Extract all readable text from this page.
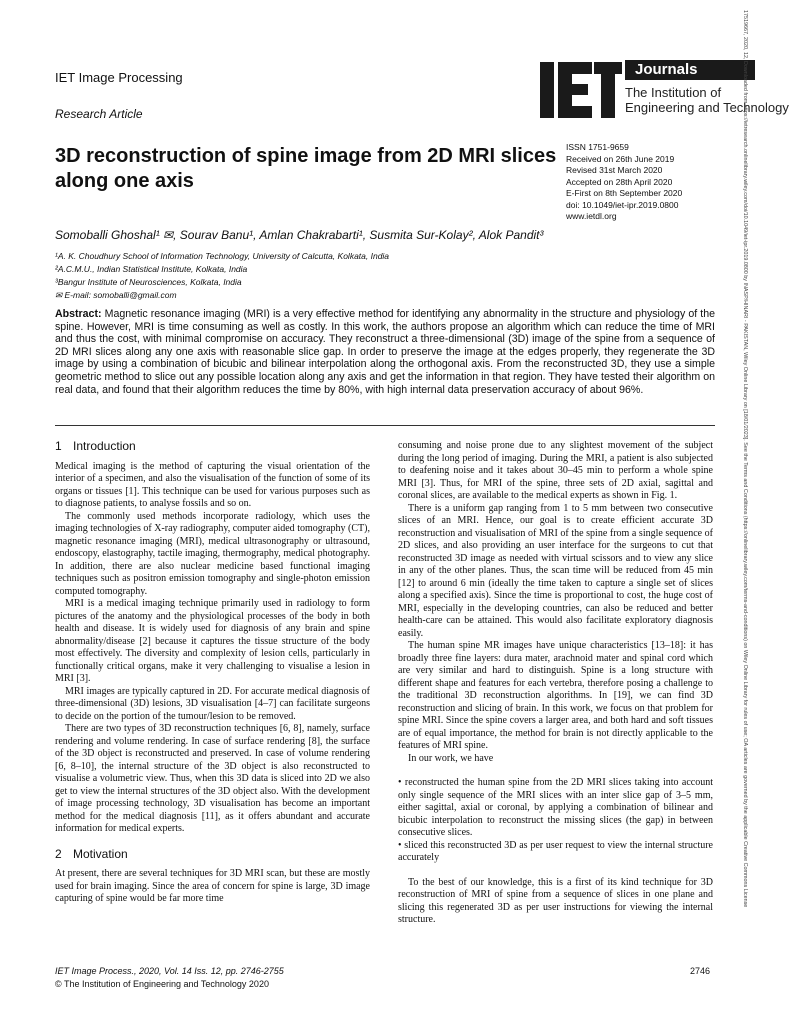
IET Image Processing
Research Article
Journals
The Institution of
Engineering and Technology
3D reconstruction of spine image from 2D MRI slices along one axis
ISSN 1751-9659
Received on 26th June 2019
Revised 31st March 2020
Accepted on 28th April 2020
E-First on 8th September 2020
doi: 10.1049/iet-ipr.2019.0800
www.ietdl.org
Somoballi Ghoshal¹ ✉, Sourav Banu¹, Amlan Chakrabarti¹, Susmita Sur-Kolay², Alok Pandit³
¹A. K. Choudhury School of Information Technology, University of Calcutta, Kolkata, India
²A.C.M.U., Indian Statistical Institute, Kolkata, India
³Bangur Institute of Neurosciences, Kolkata, India
✉ E-mail: somoballi@gmail.com
Abstract: Magnetic resonance imaging (MRI) is a very effective method for identifying any abnormality in the structure and physiology of the spine. However, MRI is time consuming as well as costly. In this work, the authors propose an algorithm which can reduce the time of MRI and thus the cost, with minimal compromise on accuracy. They reconstruct a three-dimensional (3D) image of the spine from a sequence of 2D MRI slices along any one axis with reasonable slice gap. In order to preserve the image at the edges properly, they regenerate the 3D image by using a combination of bicubic and bilinear interpolation along the orthogonal axis. From the reconstructed 3D, they use a simple geometric method to slice out any possible location along any axis and get the information in that region. They have tested their algorithm on real data, and found that their algorithm reduces the time by 80%, with high internal data preservation accuracy of about 96%.
1 Introduction

Medical imaging is the method of capturing the visual orientation of the interior of a specimen, and also the visualisation of the function of some of its organs or tissues [1]. This technique can be used for various purposes such as to diagnose patients, to analyse fossils and so on.

The commonly used methods incorporate radiology, which uses the imaging technologies of X-ray radiography, computer aided tomography (CT), magnetic resonance imaging (MRI), medical ultrasonography or ultrasound, endoscopy, elastography, tactile imaging, thermography, medical photography. In addition, there are also nuclear medicine based functional imaging techniques such as positron emission tomography and single-photon emission computed tomography.

MRI is a medical imaging technique primarily used in radiology to form pictures of the anatomy and the physiological processes of the body in both health and disease. It is widely used for diagnosis of any brain and spine abnormality/disease [2] because it captures the tissue structure of the body most effectively. The diversity and complexity of lesion cells, particularly in functionally critical organs, make it very challenging to visualise a lesion in MRI [3].

MRI images are typically captured in 2D. For accurate medical diagnosis of three-dimensional (3D) lesions, 3D visualisation [4–7] can facilitate surgeons to decide on the portion of the tumour/lesion to be removed.

There are two types of 3D reconstruction techniques [6, 8], namely, surface rendering and volume rendering. In case of surface rendering [8], the surface of the 3D object is reconstructed and preserved. In case of volume rendering [6, 8–10], the internal structure of the 3D object is also reconstructed to visualise a volumetric view. Thus, when this 3D data is sliced into 2D we also get to view the internal structures of the 3D object also. With the development of image processing technology, 3D visualisation has become an important method for the medical diagnosis [11], as it offers abundant and accurate information for medical experts.

2 Motivation

At present, there are several techniques for 3D MRI scan, but these are mostly used for brain imaging. Since the area of concern for spine is large, 3D image capturing of spine would be far more time

consuming and noise prone due to any slightest movement of the subject during the long period of imaging. During the MRI, a patient is also subjected to deafening noise and it takes about 30–45 min to perform a whole spine MRI [3]. Thus, for MRI of the spine, three sets of 2D axial, sagittal and coronal slices, are available to the medical experts as shown in Fig. 1.

There is a uniform gap ranging from 1 to 5 mm between two consecutive slices of an MRI. Hence, our goal is to create efficient accurate 3D reconstruction and visualisation of MRI of the spine from a single sequence of 2D slices, and also providing an user interface for the surgeons to cut that reconstructed 3D image as needed with virtual scissors and to view any slice in any of the other planes. Thus, the scan time will be reduced from 45 min [12] to around 6 min (ideally the time taken to capture a single set of slices along a specified axis). Since the time is proportional to cost, the huge cost of MRI, especially in the developing countries, can also be reduced and better health-care can be attained. This would also facilitate exploratory diagnosis easily.

The human spine MR images have unique characteristics [13–18]: it has broadly three fine layers: dura mater, arachnoid mater and spinal cord which are very similar and hard to distinguish. Spine is a long structure with different shape and features for each vertebra, therefore posing a challenge to the traditional 3D reconstruction algorithms. In [19], we can find 3D reconstruction and slicing of brain. In this work, we focus on that problem for spine MRI. Since the spine covers a larger area, and both hard and soft tissues are of equal importance, the method for brain is not directly applicable to the features of MRI spine.

In our work, we have

• reconstructed the human spine from the 2D MRI slices taking into account only single sequence of the MRI slices with an inter slice gap of 3–5 mm, either sagittal, axial or coronal, by applying a combination of bilinear and bicubic interpolation to reconstruct the missing slices (the gap) in between consecutive slices.

• sliced this reconstructed 3D as per user request to view the internal structure accurately

To the best of our knowledge, this is a first of its kind technique for 3D reconstruction of MRI of spine from a sequence of slices in one plane and slicing this regenerated 3D as per user instructions for viewing the internal structure.

IET Image Process., 2020, Vol. 14 Iss. 12, pp. 2746-2755
© The Institution of Engineering and Technology 2020
2746
17519667, 2020, 12, Downloaded from https://ietresearch.onlinelibrary.wiley.com/doi/10.1049/iet-ipr.2019.0800 by INASP/HINARI - PAKISTAN, Wiley Online Library on [18/01/2023]. See the Terms and Conditions (https://onlinelibrary.wiley.com/terms-and-conditions) on Wiley Online Library for rules of use; OA articles are governed by the applicable Creative Commons License
